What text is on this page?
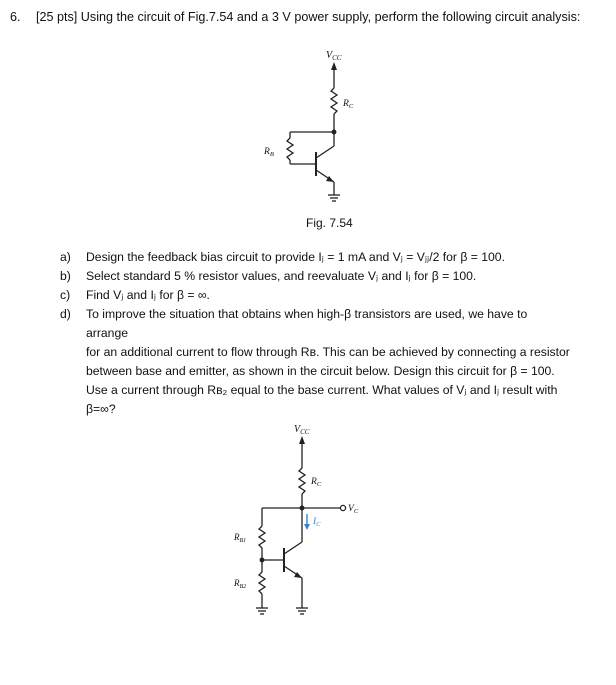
6. [25 pts] Using the circuit of Fig.7.54 and a 3 V power supply, perform the following circuit analysis:
$V_{CC}$
$R_C$
$R_B$
Fig. 7.54
a)	Design the feedback bias circuit to provide Iⱼ = 1 mA and Vⱼ = Vⱼⱼ/2 for β = 100.
b)	Select standard 5 % resistor values, and reevaluate Vⱼ and Iⱼ for β = 100.
c)	Find Vⱼ and Iⱼ for β = ∞.
d)	To improve the situation that obtains when high-β transistors are used, we have to arrange
for an additional current to flow through Rʙ. This can be achieved by connecting a resistor
between base and emitter, as shown in the circuit below. Design this circuit for β = 100.
Use a current through Rʙ₂ equal to the base current. What values of Vⱼ and Iⱼ result with
β=∞?
$V_{CC}$
$R_C$
$V_C$
$I_C$
$R_{B1}$
$R_{B2}$
